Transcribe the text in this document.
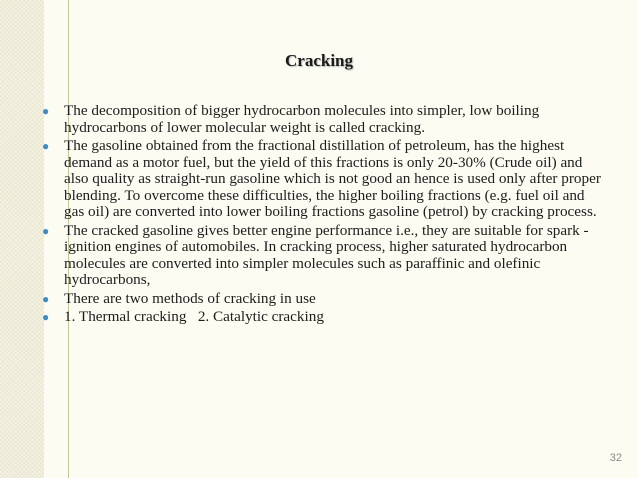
Cracking
● The decomposition of bigger hydrocarbon molecules into simpler, low boiling hydrocarbons of lower molecular weight is called cracking.
● The gasoline obtained from the fractional distillation of petroleum, has the highest demand as a motor fuel, but the yield of this fractions is only 20-30% (Crude oil) and also quality as straight-run gasoline which is not good an hence is used only after proper blending. To overcome these difficulties, the higher boiling fractions (e.g. fuel oil and gas oil) are converted into lower boiling fractions gasoline (petrol) by cracking process.
● The cracked gasoline gives better engine performance i.e., they are suitable for spark -ignition engines of automobiles. In cracking process, higher saturated hydrocarbon molecules are converted into simpler molecules such as paraffinic and olefinic hydrocarbons,
● There are two methods of cracking in use
● 1. Thermal cracking   2. Catalytic cracking
32
